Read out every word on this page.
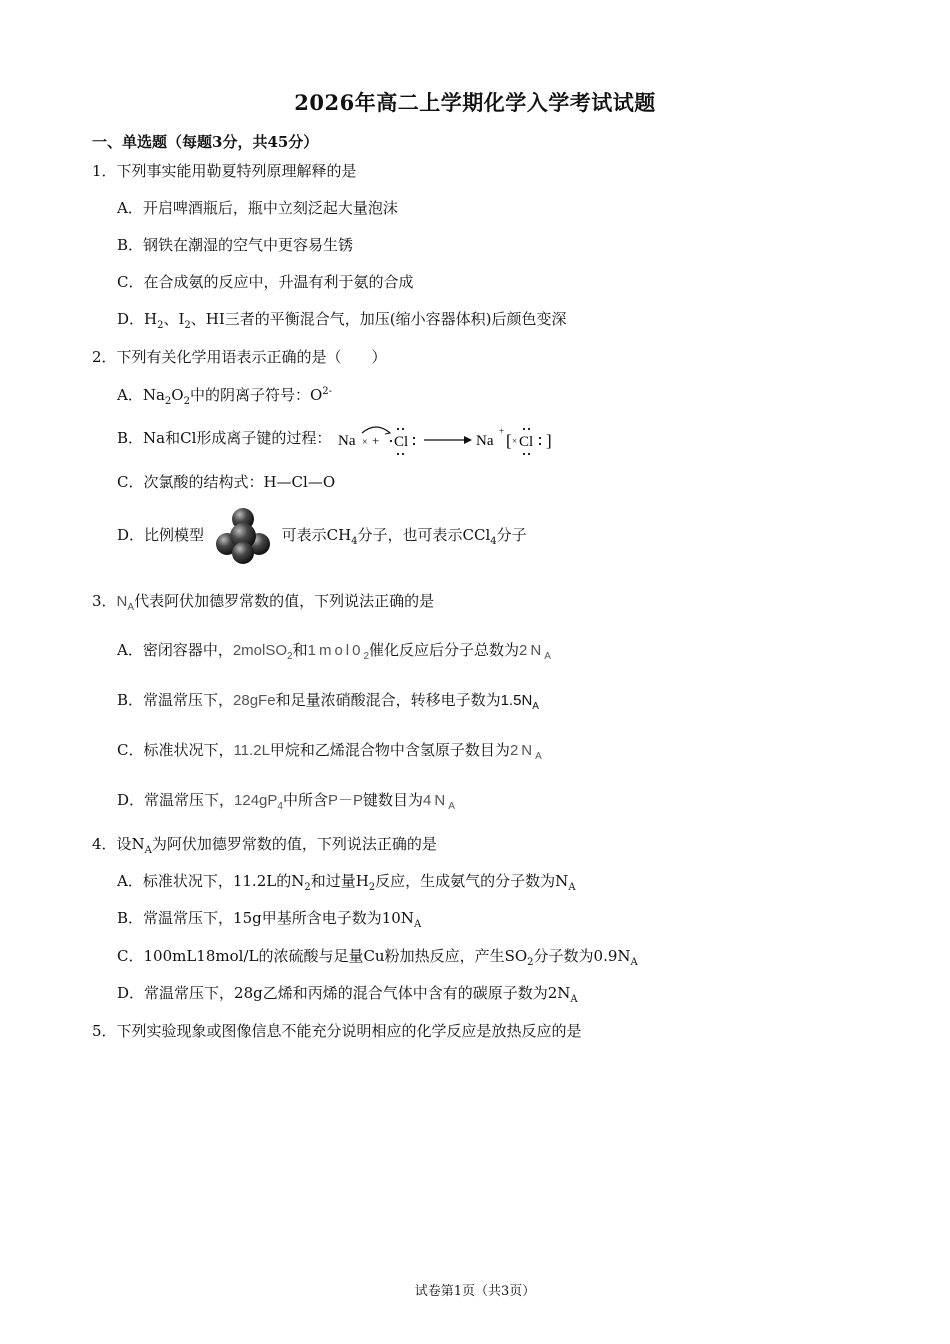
2026年高二上学期化学入学考试试题
一、单选题（每题3分，共45分）
1．下列事实能用勒夏特列原理解释的是
A．开启啤酒瓶后，瓶中立刻泛起大量泡沫
B．钢铁在潮湿的空气中更容易生锈
C．在合成氨的反应中，升温有利于氨的合成
D．$H_2$、$I_2$、HI三者的平衡混合气，加压(缩小容器体积)后颜色变深
2．下列有关化学用语表示正确的是（　　）
A．$Na_2O_2$中的阴离子符号：$O^{2-}$
B．Na和Cl形成离子键的过程： Na × + Cl	Na
+ [ × Cl ]
C．次氯酸的结构式：H—Cl—O
D．比例模型	可表示$CH_4$分子，也可表示CCl$_4$分子
3．$N_A$代表阿伏加德罗常数的值，下列说法正确的是
A．密闭容器中，2molSO$_2$和$1mol0_2$催化反应后分子总数为$2N_A$
B．常温常压下，28gFe和足量浓硝酸混合，转移电子数为$1.5N_A$
C．标准状况下，11.2L甲烷和乙烯混合物中含氢原子数目为$2N_A$
D．常温常压下，$124gP_4$中所含P－P键数目为$4N_A$
4．设$N_A$为阿伏加德罗常数的值，下列说法正确的是
A．标准状况下，11.2L的$N_2$和过量$H_2$反应，生成氨气的分子数为$N_A$
B．常温常压下，15g甲基所含电子数为$10N_A$
C．100mL18mol/L的浓硫酸与足量Cu粉加热反应，产生$SO_2$分子数为$0.9N_A$
D．常温常压下，28g乙烯和丙烯的混合气体中含有的碳原子数为$2N_A$
5．下列实验现象或图像信息不能充分说明相应的化学反应是放热反应的是
试卷第1页（共3页）
